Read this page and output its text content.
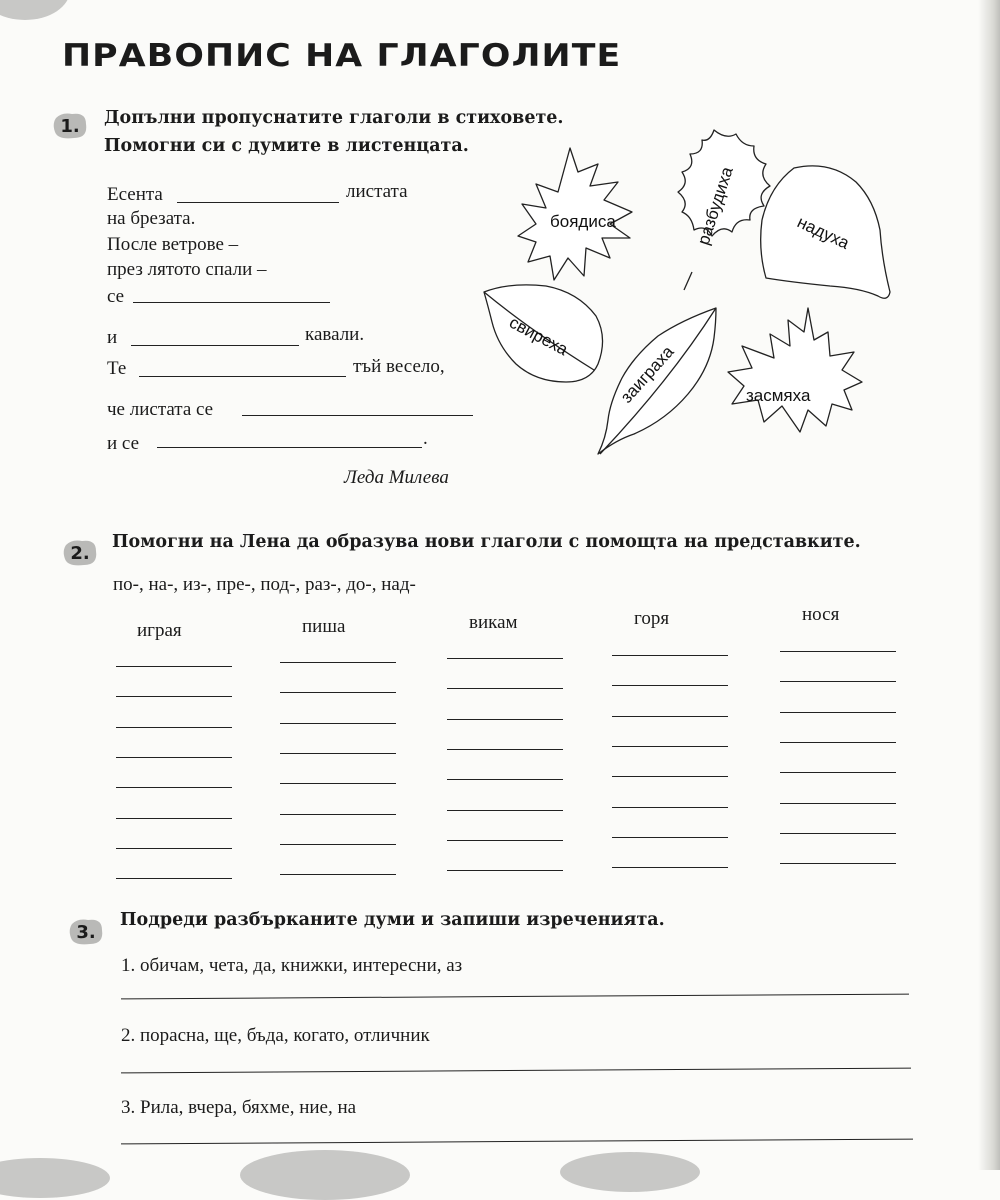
ПРАВОПИС НА ГЛАГОЛИТЕ
1. Допълни пропуснатите глаголи в стиховете.
Помогни си с думите в листенцата.
Есента	листата
на брезата.
После ветрове –
през лятото спали –
се
и	кавали.
Те	тъй весело,
че листата се
и се	.
Леда Милева
боядиса	разбудиха	надуха
свиреха
заиграха	засмяха
2.
Помогни на Лена да образува нови глаголи с помощта на представките.
по-, на-, из-, пре-, под-, раз-, до-, над-
играя	пиша	викам	горя	нося
3.
Подреди разбърканите думи и запиши изреченията.
1. обичам, чета, да, книжки, интересни, аз
2. порасна, ще, бъда, когато, отличник
3. Рила, вчера, бяхме, ние, на
